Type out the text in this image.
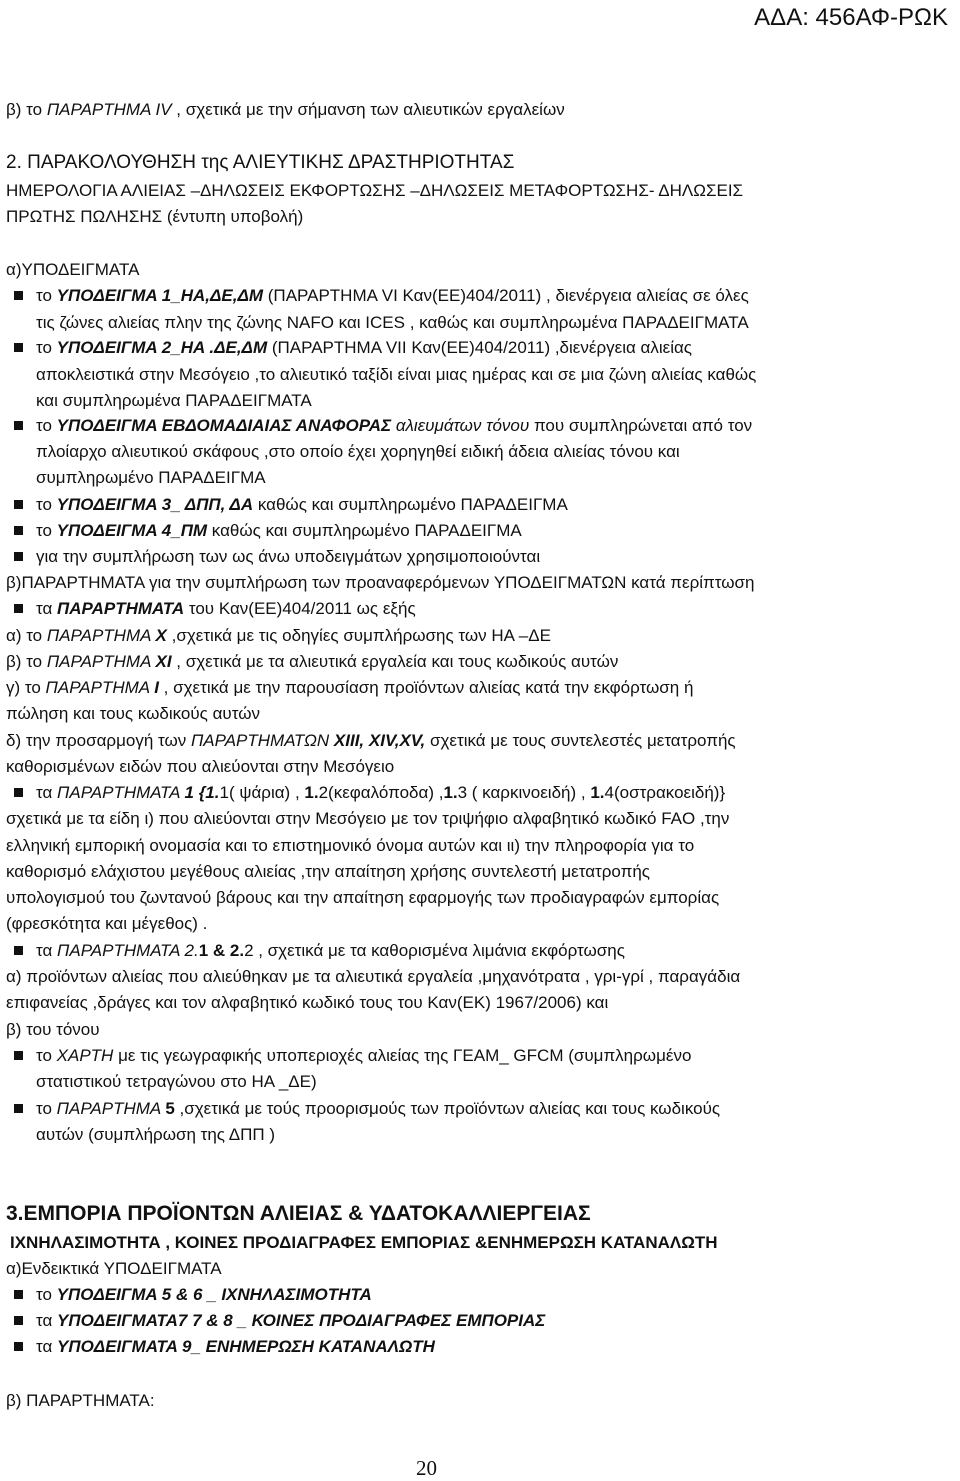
ΑΔΑ: 456ΑΦ-ΡΩΚ
β) το ΠΑΡΑΡΤΗΜΑ IV , σχετικά με την σήμανση των αλιευτικών εργαλείων
2. ΠΑΡΑΚΟΛΟΥΘΗΣΗ της ΑΛΙΕΥΤΙΚΗΣ ΔΡΑΣΤΗΡΙΟΤΗΤΑΣ
ΗΜΕΡΟΛΟΓΙΑ ΑΛΙΕΙΑΣ –ΔΗΛΩΣΕΙΣ ΕΚΦΟΡΤΩΣΗΣ –ΔΗΛΩΣΕΙΣ ΜΕΤΑΦΟΡΤΩΣΗΣ- ΔΗΛΩΣΕΙΣ
ΠΡΩΤΗΣ ΠΩΛΗΣΗΣ (έντυπη υποβολή)
α)ΥΠΟΔΕΙΓΜΑΤΑ
το ΥΠΟΔΕΙΓΜΑ 1_ΗΑ,ΔΕ,ΔΜ (ΠΑΡΑΡΤΗΜΑ VI Καν(ΕΕ)404/2011) , διενέργεια αλιείας σε όλες
τις ζώνες αλιείας πλην της ζώνης NAFO και ICES , καθώς και συμπληρωμένα ΠΑΡΑΔΕΙΓΜΑΤΑ
το ΥΠΟΔΕΙΓΜΑ 2_ΗΑ .ΔΕ,ΔΜ (ΠΑΡΑΡΤΗΜΑ VII Καν(ΕΕ)404/2011) ,διενέργεια αλιείας
αποκλειστικά στην Μεσόγειο ,το αλιευτικό ταξίδι είναι μιας ημέρας και σε μια ζώνη αλιείας καθώς
και συμπληρωμένα ΠΑΡΑΔΕΙΓΜΑΤΑ
το ΥΠΟΔΕΙΓΜΑ ΕΒΔΟΜΑΔΙΑΙΑΣ ΑΝΑΦΟΡΑΣ αλιευμάτων τόνου που συμπληρώνεται από τον
πλοίαρχο αλιευτικού σκάφους ,στο οποίο έχει χορηγηθεί ειδική άδεια αλιείας τόνου και
συμπληρωμένο ΠΑΡΑΔΕΙΓΜΑ
το ΥΠΟΔΕΙΓΜΑ 3_ ΔΠΠ, ΔΑ καθώς και συμπληρωμένο ΠΑΡΑΔΕΙΓΜΑ
το ΥΠΟΔΕΙΓΜΑ 4_ΠΜ καθώς και συμπληρωμένο ΠΑΡΑΔΕΙΓΜΑ
για την συμπλήρωση των ως άνω υποδειγμάτων χρησιμοποιούνται
β)ΠΑΡΑΡΤΗΜΑΤΑ για την συμπλήρωση των προαναφερόμενων ΥΠΟΔΕΙΓΜΑΤΩΝ κατά περίπτωση
τα ΠΑΡΑΡΤΗΜΑΤΑ του Καν(ΕΕ)404/2011 ως εξής
α) το ΠΑΡΑΡΤΗΜΑ Χ ,σχετικά με τις οδηγίες συμπλήρωσης των ΗΑ –ΔΕ
β) το ΠΑΡΑΡΤΗΜΑ ΧΙ , σχετικά με τα αλιευτικά εργαλεία και τους κωδικούς αυτών
γ) το ΠΑΡΑΡΤΗΜΑ Ι , σχετικά με την παρουσίαση προϊόντων αλιείας κατά την εκφόρτωση ή
πώληση και τους κωδικούς αυτών
δ) την προσαρμογή των ΠΑΡΑΡΤΗΜΑΤΩΝ XIII, XIV,XV, σχετικά με τους συντελεστές μετατροπής
καθορισμένων ειδών που αλιεύονται στην Μεσόγειο
τα ΠΑΡΑΡΤΗΜΑΤΑ 1 {1.1( ψάρια) , 1.2(κεφαλόποδα) ,1.3 ( καρκινοειδή) , 1.4(οστρακοειδή)}
σχετικά με τα είδη ι) που αλιεύονται στην Μεσόγειο με τον τριψήφιο αλφαβητικό κωδικό FAO ,την
ελληνική εμπορική ονομασία και το επιστημονικό όνομα αυτών και ιι) την πληροφορία για το
καθορισμό ελάχιστου μεγέθους αλιείας ,την απαίτηση χρήσης συντελεστή μετατροπής
υπολογισμού του ζωντανού βάρους και την απαίτηση εφαρμογής των προδιαγραφών εμπορίας
(φρεσκότητα και μέγεθος) .
τα ΠΑΡΑΡΤΗΜΑΤΑ 2.1 & 2.2 , σχετικά με τα καθορισμένα λιμάνια εκφόρτωσης
α) προϊόντων αλιείας που αλιεύθηκαν με τα αλιευτικά εργαλεία ,μηχανότρατα , γρι-γρί , παραγάδια
επιφανείας ,δράγες και τον αλφαβητικό κωδικό τους του Καν(ΕΚ) 1967/2006) και
β) του τόνου
το ΧΑΡΤΗ με τις γεωγραφικής υποπεριοχές αλιείας της ΓΕΑΜ_ GFCM (συμπληρωμένο
στατιστικού τετραγώνου στο ΗΑ _ΔΕ)
το ΠΑΡΑΡΤΗΜΑ 5 ,σχετικά με τούς προορισμούς των προϊόντων αλιείας και τους κωδικούς
αυτών (συμπλήρωση της ΔΠΠ )
3.ΕΜΠΟΡΙΑ ΠΡΟΪΟΝΤΩΝ ΑΛΙΕΙΑΣ & ΥΔΑΤΟΚΑΛΛΙΕΡΓΕΙΑΣ
ΙΧΝΗΛΑΣΙΜΟΤΗΤΑ , ΚΟΙΝΕΣ ΠΡΟΔΙΑΓΡΑΦΕΣ ΕΜΠΟΡΙΑΣ &ΕΝΗΜΕΡΩΣΗ ΚΑΤΑΝΑΛΩΤΗ
α)Ενδεικτικά ΥΠΟΔΕΙΓΜΑΤΑ
το ΥΠΟΔΕΙΓΜΑ 5 & 6 _ ΙΧΝΗΛΑΣΙΜΟΤΗΤΑ
τα ΥΠΟΔΕΙΓΜΑΤΑ7 7 & 8 _ ΚΟΙΝΕΣ ΠΡΟΔΙΑΓΡΑΦΕΣ ΕΜΠΟΡΙΑΣ
τα ΥΠΟΔΕΙΓΜΑΤΑ 9_ ΕΝΗΜΕΡΩΣΗ ΚΑΤΑΝΑΛΩΤΗ
β) ΠΑΡΑΡΤΗΜΑΤΑ:
20
